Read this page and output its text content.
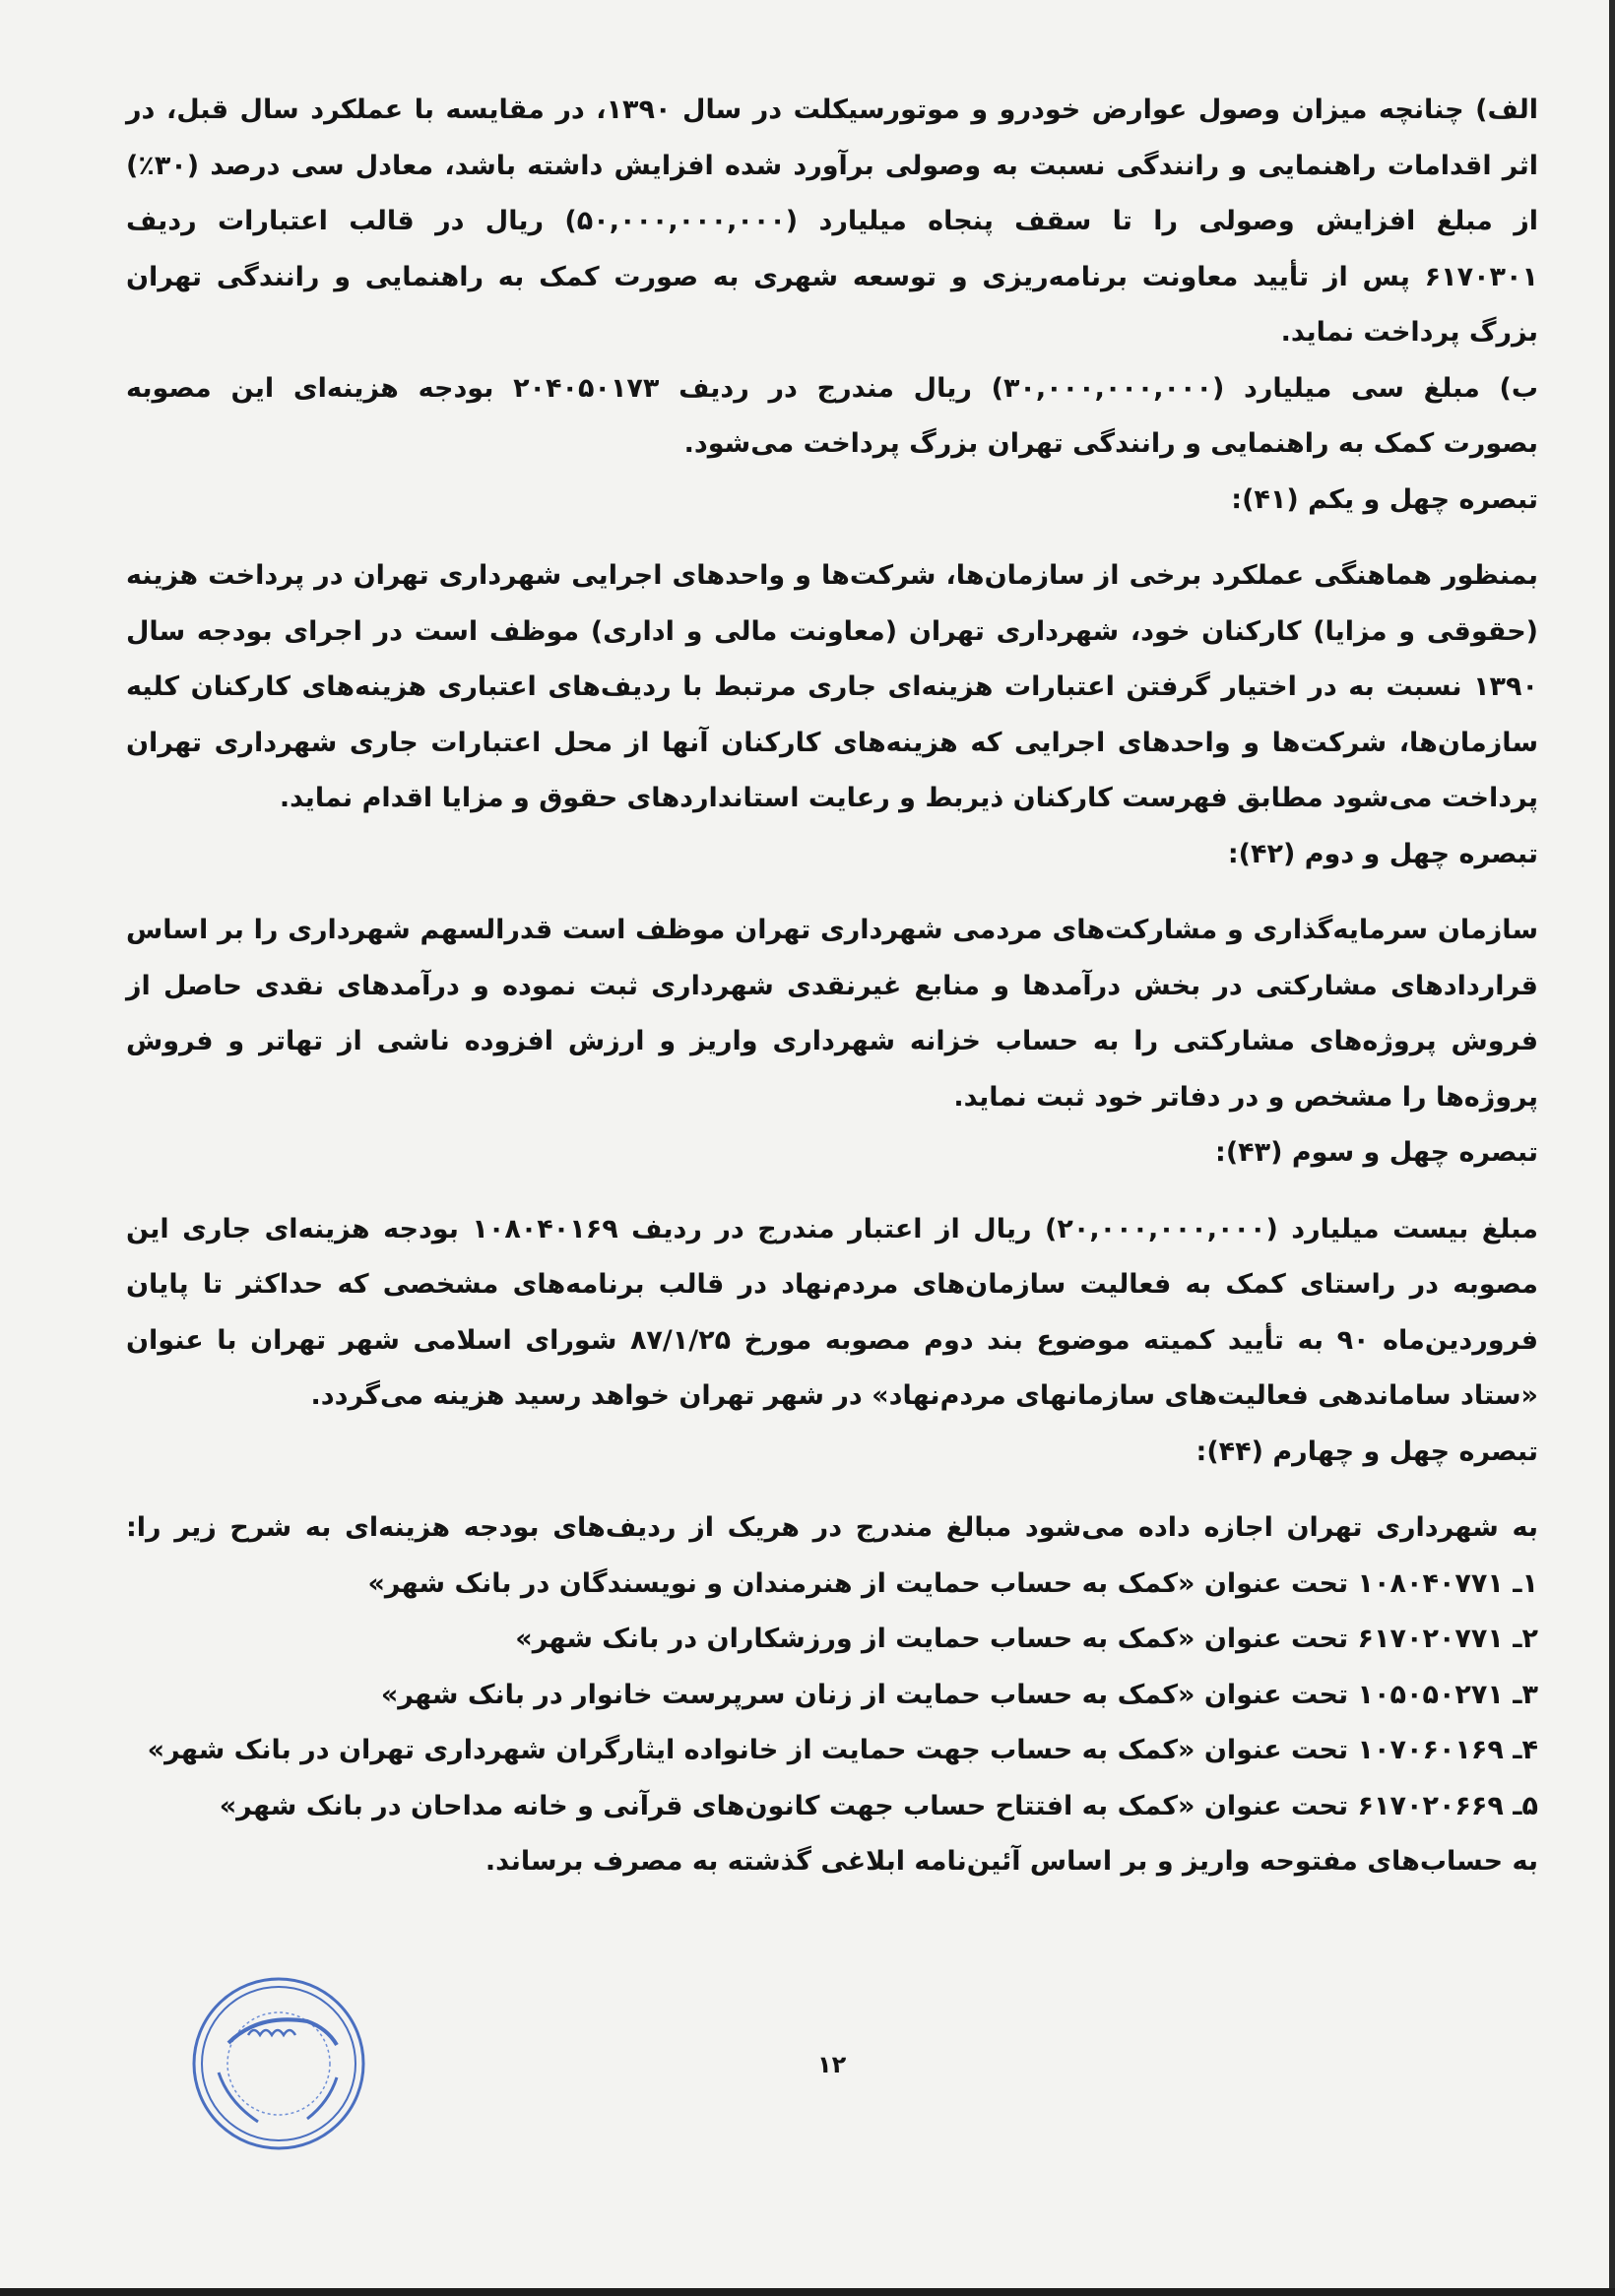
الف) چنانچه میزان وصول عوارض خودرو و موتورسیکلت در سال ۱۳۹۰، در مقایسه با عملکرد سال قبل، در
اثر اقدامات راهنمایی و رانندگی نسبت به وصولی برآورد شده افزایش داشته باشد، معادل سی درصد (۳۰٪)
از مبلغ افزایش وصولی را تا سقف پنجاه میلیارد (۵۰,۰۰۰,۰۰۰,۰۰۰) ریال در قالب اعتبارات ردیف
۶۱۷۰۳۰۱ پس از تأیید معاونت برنامه‌ریزی و توسعه شهری به صورت کمک به راهنمایی و رانندگی تهران
بزرگ پرداخت نماید.
ب) مبلغ سی میلیارد (۳۰,۰۰۰,۰۰۰,۰۰۰) ریال مندرج در ردیف ۲۰۴۰۵۰۱۷۳ بودجه هزینه‌ای این مصوبه
بصورت کمک به راهنمایی و رانندگی تهران بزرگ پرداخت می‌شود.
تبصره چهل و یکم (۴۱):
بمنظور هماهنگی عملکرد برخی از سازمان‌ها، شرکت‌ها و واحدهای اجرایی شهرداری تهران در پرداخت هزینه
(حقوقی و مزایا) کارکنان خود، شهرداری تهران (معاونت مالی و اداری) موظف است در اجرای بودجه سال
۱۳۹۰ نسبت به در اختیار گرفتن اعتبارات هزینه‌ای جاری مرتبط با ردیف‌های اعتباری هزینه‌های کارکنان کلیه
سازمان‌ها، شرکت‌ها و واحدهای اجرایی که هزینه‌های کارکنان آنها از محل اعتبارات جاری شهرداری تهران
پرداخت می‌شود مطابق فهرست کارکنان ذیربط و رعایت استانداردهای حقوق و مزایا اقدام نماید.
تبصره چهل و دوم (۴۲):
سازمان سرمایه‌گذاری و مشارکت‌های مردمی شهرداری تهران موظف است قدرالسهم شهرداری را بر اساس
قراردادهای مشارکتی در بخش درآمدها و منابع غیرنقدی شهرداری ثبت نموده و درآمدهای نقدی حاصل از
فروش پروژه‌های مشارکتی را به حساب خزانه شهرداری واریز و ارزش افزوده ناشی از تهاتر و فروش
پروژه‌ها را مشخص و در دفاتر خود ثبت نماید.
تبصره چهل و سوم (۴۳):
مبلغ بیست میلیارد (۲۰,۰۰۰,۰۰۰,۰۰۰) ریال از اعتبار مندرج در ردیف ۱۰۸۰۴۰۱۶۹ بودجه هزینه‌ای جاری این
مصوبه در راستای کمک به فعالیت سازمان‌های مردم‌نهاد در قالب برنامه‌های مشخصی که حداکثر تا پایان
فروردین‌ماه ۹۰ به تأیید کمیته موضوع بند دوم مصوبه مورخ ۸۷/۱/۲۵ شورای اسلامی شهر تهران با عنوان
«ستاد ساماندهی فعالیت‌های سازمانهای مردم‌نهاد» در شهر تهران خواهد رسید هزینه می‌گردد.
تبصره چهل و چهارم (۴۴):
به شهرداری تهران اجازه داده می‌شود مبالغ مندرج در هریک از ردیف‌های بودجه هزینه‌ای به شرح زیر را:
۱ـ ۱۰۸۰۴۰۷۷۱ تحت عنوان «کمک به حساب حمایت از هنرمندان و نویسندگان در بانک شهر»
۲ـ ۶۱۷۰۲۰۷۷۱ تحت عنوان «کمک به حساب حمایت از ورزشکاران در بانک شهر»
۳ـ ۱۰۵۰۵۰۲۷۱ تحت عنوان «کمک به حساب حمایت از زنان سرپرست خانوار در بانک شهر»
۴ـ ۱۰۷۰۶۰۱۶۹ تحت عنوان «کمک به حساب جهت حمایت از خانواده ایثارگران شهرداری تهران در بانک شهر»
۵ـ ۶۱۷۰۲۰۶۶۹ تحت عنوان «کمک به افتتاح حساب جهت کانون‌های قرآنی و خانه مداحان در بانک شهر»
به حساب‌های مفتوحه واریز و بر اساس آئین‌نامه ابلاغی گذشته به مصرف برساند.
۱۲
